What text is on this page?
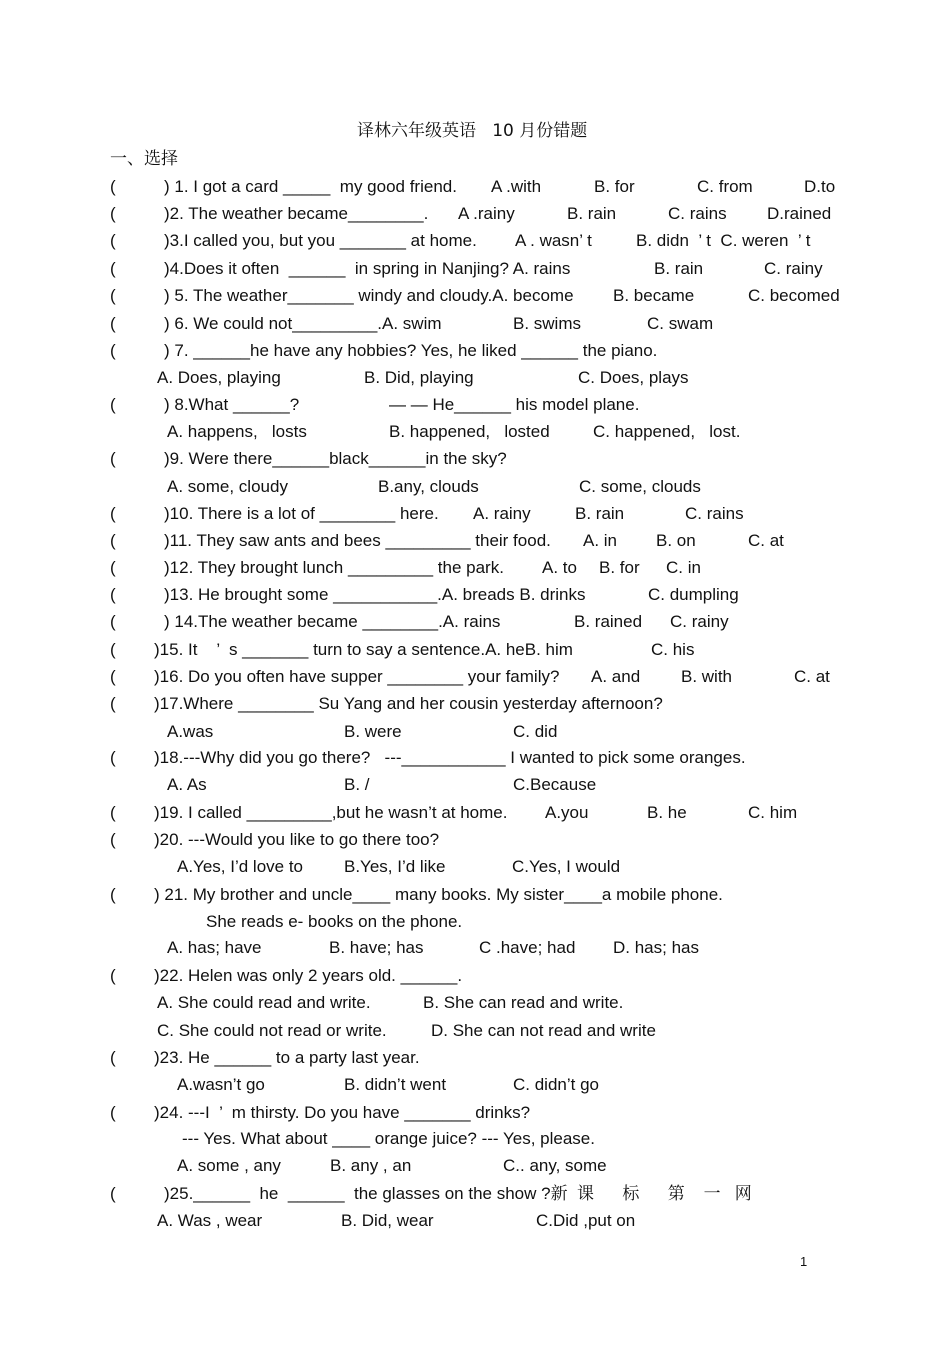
译林六年级英语   10 月份错题
一、选择
(	) 1. I got a card _____  my good friend. A .with	B. for	C. from	D.to
(	)2. The weather became________. A .rainy	B. rain	C. rains D.rained
(	)3.I called you, but you _______ at home. A . wasn’ t	B. didn  ’ t  C. weren  ’ t
(	)4.Does it often  ______  in spring in Nanjing? A. rains	B. rain	C. rainy
(	) 5. The weather_______ windy and cloudy.A. become B. became	C. becomed
(	) 6. We could not_________.A. swim	B. swims	C. swam
(	) 7. ______he have any hobbies? Yes, he liked ______ the piano.
A. Does, playing	B. Did, playing	C. Does, plays
(	) 8.What ______?	— — He______ his model plane.
A. happens,   losts	B. happened,   losted	C. happened,   lost.
(	)9. Were there______black______in the sky?
A. some, cloudy	B.any, clouds	C. some, clouds
(	)10. There is a lot of ________ here. A. rainy	B. rain	C. rains
(	)11. They saw ants and bees _________ their food. A. in B. on	C. at
(	)12. They brought lunch _________ the park. A. to B. for C. in
(	)13. He brought some ___________.A. breads B. drinks	C. dumpling
(	) 14.The weather became ________.A. rains	B. rained C. rainy
( )15. It    ’  s _______ turn to say a sentence.A. heB. him	C. his
( )16. Do you often have supper ________ your family? A. and B. with	C. at
( )17.Where ________ Su Yang and her cousin yesterday afternoon?
A.was	B. were	C. did
( )18.---Why did you go there?   ---___________ I wanted to pick some oranges.
A. As	B. /	C.Because
( )19. I called _________,but he wasn’t at home. A.you	B. he	C. him
( )20. ---Would you like to go there too?
A.Yes, I’d love to B.Yes, I’d like	C.Yes, I would
( ) 21. My brother and uncle____ many books. My sister____a mobile phone.
She reads e- books on the phone.
A. has; have	B. have; has	C .have; had D. has; has
( )22. Helen was only 2 years old. ______.
A. She could read and write.	B. She can read and write.
C. She could not read or write.	D. She can not read and write
( )23. He ______ to a party last year.
A.wasn’t go	B. didn’t went	C. didn’t go
( )24. ---I  ’  m thirsty. Do you have _______ drinks?
--- Yes. What about ____ orange juice? --- Yes, please.
A. some , any	B. any , an	C.. any, some
(	)25.______  he  ______  the glasses on the show ?新  课      标      第    一   网
A. Was , wear	B. Did, wear	C.Did ,put on
1
